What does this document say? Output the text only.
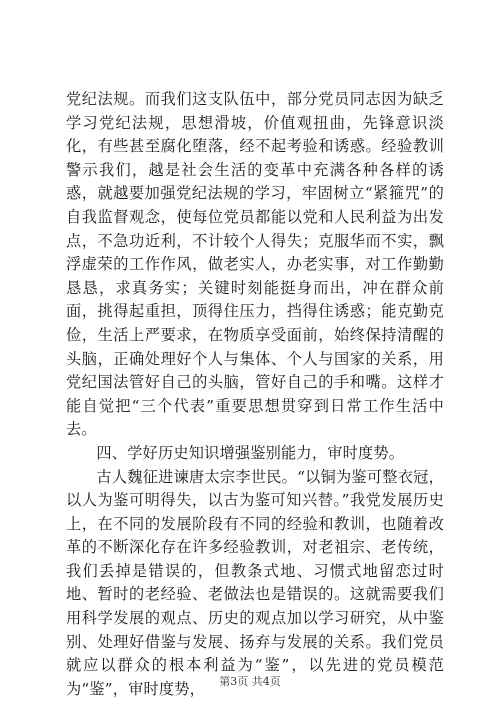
党纪法规。而我们这支队伍中，部分党员同志因为缺乏学习党纪法规，思想滑坡，价值观扭曲，先锋意识淡化，有些甚至腐化堕落，经不起考验和诱惑。经验教训警示我们，越是社会生活的变革中充满各种各样的诱惑，就越要加强党纪法规的学习，牢固树立“紧箍咒”的自我监督观念，使每位党员都能以党和人民利益为出发点，不急功近利，不计较个人得失；克服华而不实，飘浮虚荣的工作作风，做老实人，办老实事，对工作勤勤恳恳，求真务实；关键时刻能挺身而出，冲在群众前面，挑得起重担，顶得住压力，挡得住诱惑；能克勤克俭，生活上严要求，在物质享受面前，始终保持清醒的头脑，正确处理好个人与集体、个人与国家的关系，用党纪国法管好自己的头脑，管好自己的手和嘴。这样才能自觉把“三个代表”重要思想贯穿到日常工作生活中去。

四、学好历史知识增强鉴别能力，审时度势。

古人魏征进谏唐太宗李世民。“以铜为鉴可整衣冠，以人为鉴可明得失，以古为鉴可知兴替。”我党发展历史上，在不同的发展阶段有不同的经验和教训，也随着改革的不断深化存在许多经验教训，对老祖宗、老传统，我们丢掉是错误的，但教条式地、习惯式地留恋过时地、暂时的老经验、老做法也是错误的。这就需要我们用科学发展的观点、历史的观点加以学习研究，从中鉴别、处理好借鉴与发展、扬弃与发展的关系。我们党员就应以群众的根本利益为“鉴”，以先进的党员模范为“鉴”，审时度势，	第3页 共4页
